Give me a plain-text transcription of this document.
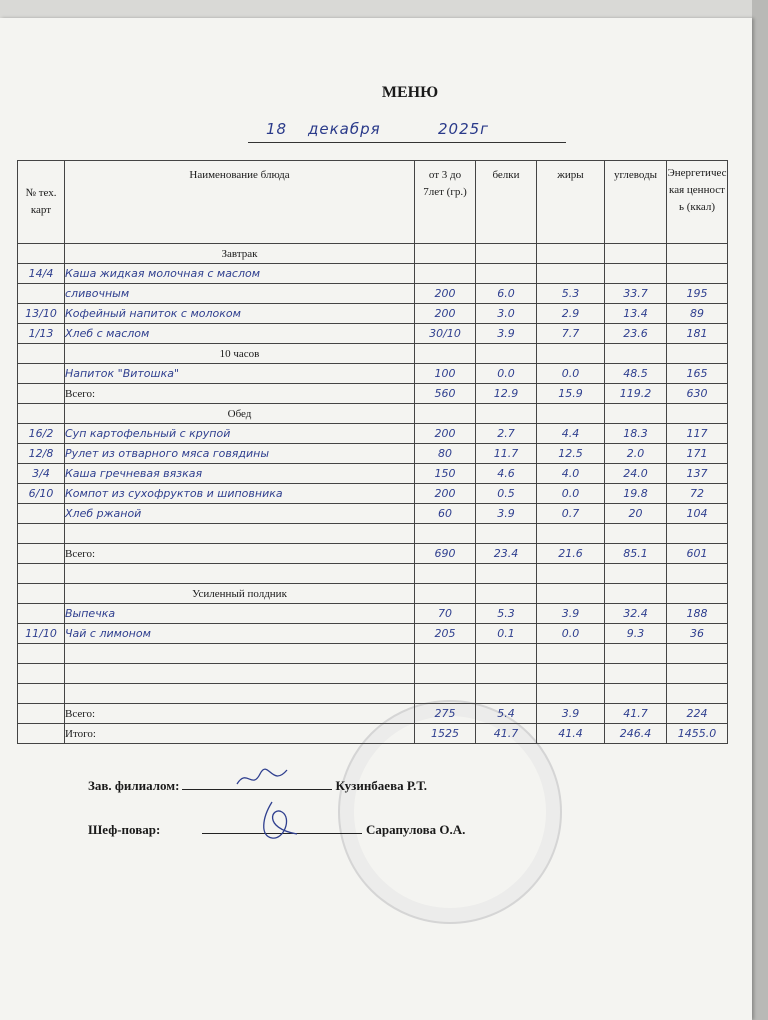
МЕНЮ
18 декабря	2025г
№ тех. карт	Наименование блюда	от 3 до 7лет (гр.)	белки	жиры	углеводы	Энергетическая ценность (ккал)
	Завтрак					
14/4	Каша жидкая молочная с маслом					
	сливочным	200	6.0	5.3	33.7	195
13/10	Кофейный напиток с молоком	200	3.0	2.9	13.4	89
1/13	Хлеб с маслом	30/10	3.9	7.7	23.6	181
	10 часов					
	Напиток "Витошка"	100	0.0	0.0	48.5	165
	Всего:	560	12.9	15.9	119.2	630
	Обед					
16/2	Суп картофельный с крупой	200	2.7	4.4	18.3	117
12/8	Рулет из отварного мяса говядины	80	11.7	12.5	2.0	171
3/4	Каша гречневая вязкая	150	4.6	4.0	24.0	137
6/10	Компот из сухофруктов и шиповника	200	0.5	0.0	19.8	72
	Хлеб ржаной	60	3.9	0.7	20	104

	Всего:	690	23.4	21.6	85.1	601

	Усиленный полдник					
	Выпечка	70	5.3	3.9	32.4	188
11/10	Чай с лимоном	205	0.1	0.0	9.3	36

	Всего:	275	5.4	3.9	41.7	224
	Итого:	1525	41.7	41.4	246.4	1455.0
Зав. филиалом:	Кузинбаева Р.Т.
Шеф-повар:	Сарапулова О.А.
